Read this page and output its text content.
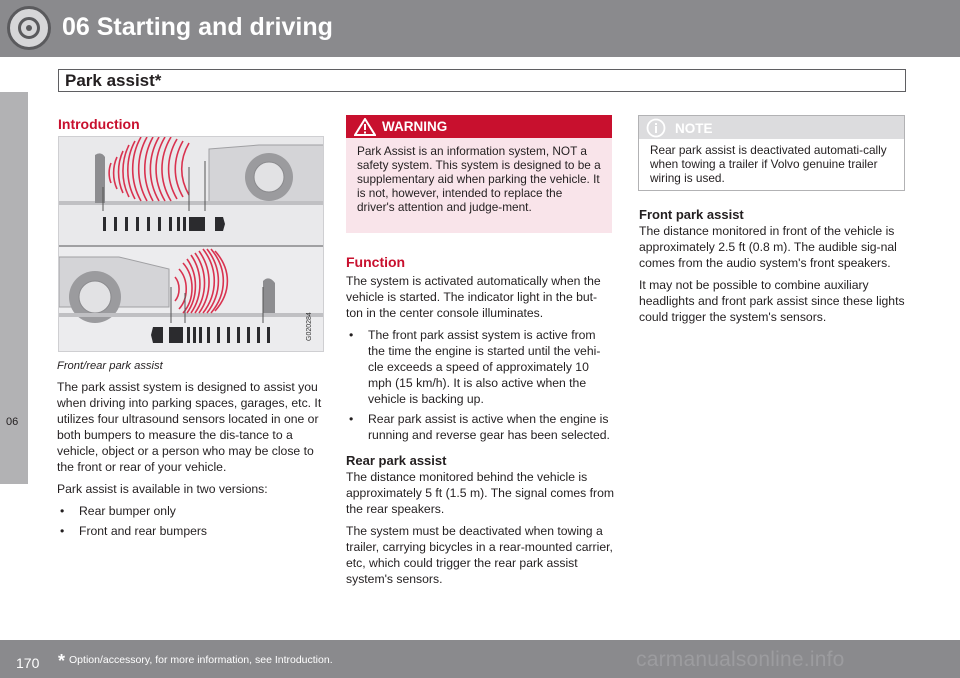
06 Starting and driving
Park assist*
06
Introduction
G020284
Front/rear park assist

The park assist system is designed to assist you when driving into parking spaces, garages, etc. It utilizes four ultrasound sensors located in one or both bumpers to measure the dis-tance to a vehicle, object or a person who may be close to the front or rear of your vehicle.

Park assist is available in two versions:

• Rear bumper only
• Front and rear bumpers
WARNING
Park Assist is an information system, NOT a safety system. This system is designed to be a supplementary aid when parking the vehicle. It is not, however, intended to replace the driver's attention and judge-ment.
Function

The system is activated automatically when the vehicle is started. The indicator light in the but-ton in the center console illuminates.

• The front park assist system is active from the time the engine is started until the vehi-cle exceeds a speed of approximately 10 mph (15 km/h). It is also active when the vehicle is backing up.
• Rear park assist is active when the engine is running and reverse gear has been selected.
Rear park assist

The distance monitored behind the vehicle is approximately 5 ft (1.5 m). The signal comes from the rear speakers.

The system must be deactivated when towing a trailer, carrying bicycles in a rear-mounted carrier, etc, which could trigger the rear park assist system's sensors.

NOTE
Rear park assist is deactivated automati-cally when towing a trailer if Volvo genuine trailer wiring is used.
Front park assist

The distance monitored in front of the vehicle is approximately 2.5 ft (0.8 m). The audible sig-nal comes from the audio system's front speakers.

It may not be possible to combine auxiliary headlights and front park assist since these lights could trigger the system's sensors.

170 * Option/accessory, for more information, see Introduction.	carmanualsonline.info
